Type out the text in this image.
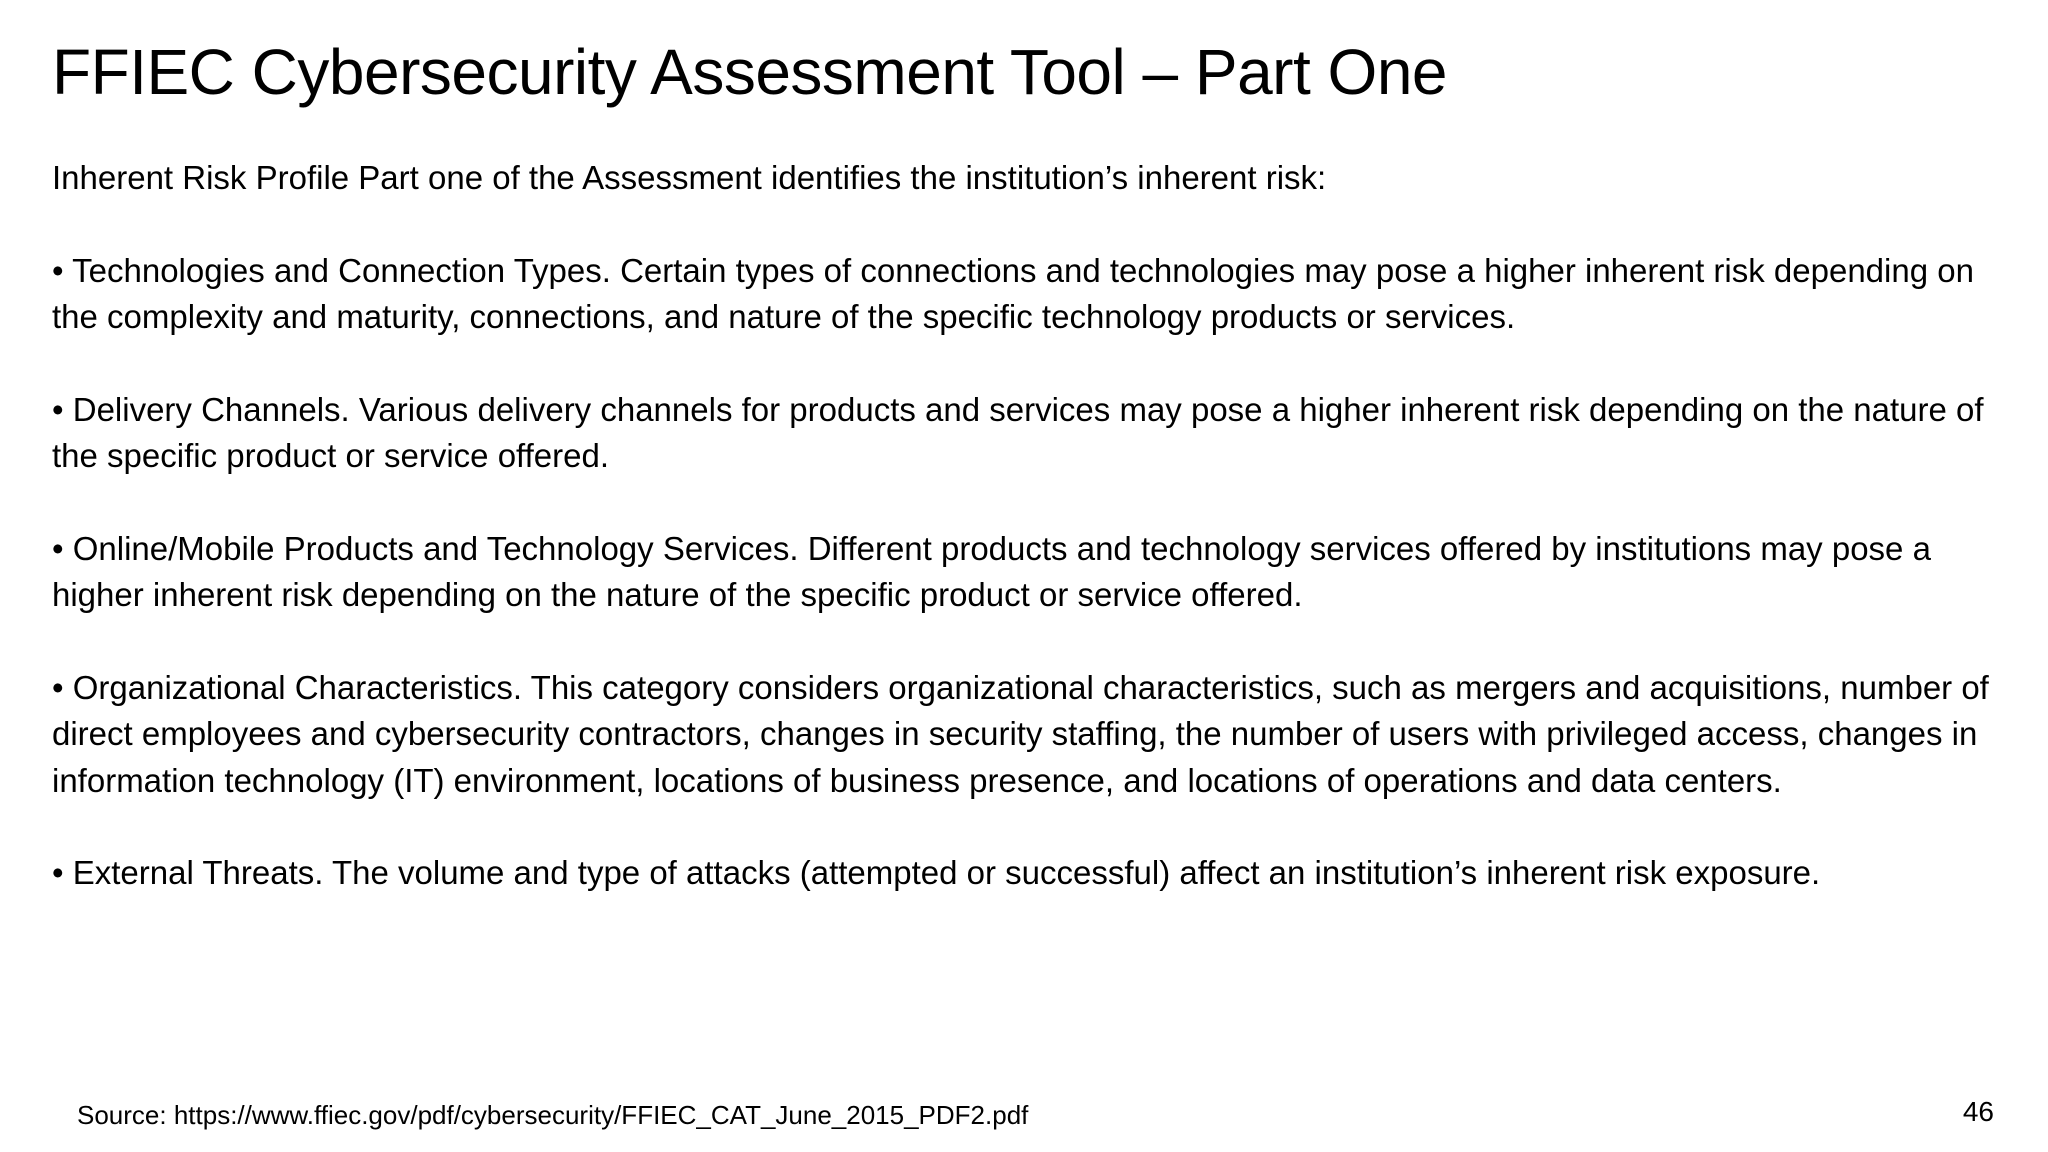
FFIEC Cybersecurity Assessment Tool – Part One

Inherent Risk Profile Part one of the Assessment identifies the institution’s inherent risk:

• Technologies and Connection Types. Certain types of connections and technologies may pose a higher inherent risk depending on the complexity and maturity, connections, and nature of the specific technology products or services.
• Delivery Channels. Various delivery channels for products and services may pose a higher inherent risk depending on the nature of the specific product or service offered.
• Online/Mobile Products and Technology Services. Different products and technology services offered by institutions may pose a higher inherent risk depending on the nature of the specific product or service offered.
• Organizational Characteristics. This category considers organizational characteristics, such as mergers and acquisitions, number of direct employees and cybersecurity contractors, changes in security staffing, the number of users with privileged access, changes in information technology (IT) environment, locations of business presence, and locations of operations and data centers.
• External Threats. The volume and type of attacks (attempted or successful) affect an institution’s inherent risk exposure.
Source: https://www.ffiec.gov/pdf/cybersecurity/FFIEC_CAT_June_2015_PDF2.pdf	46
